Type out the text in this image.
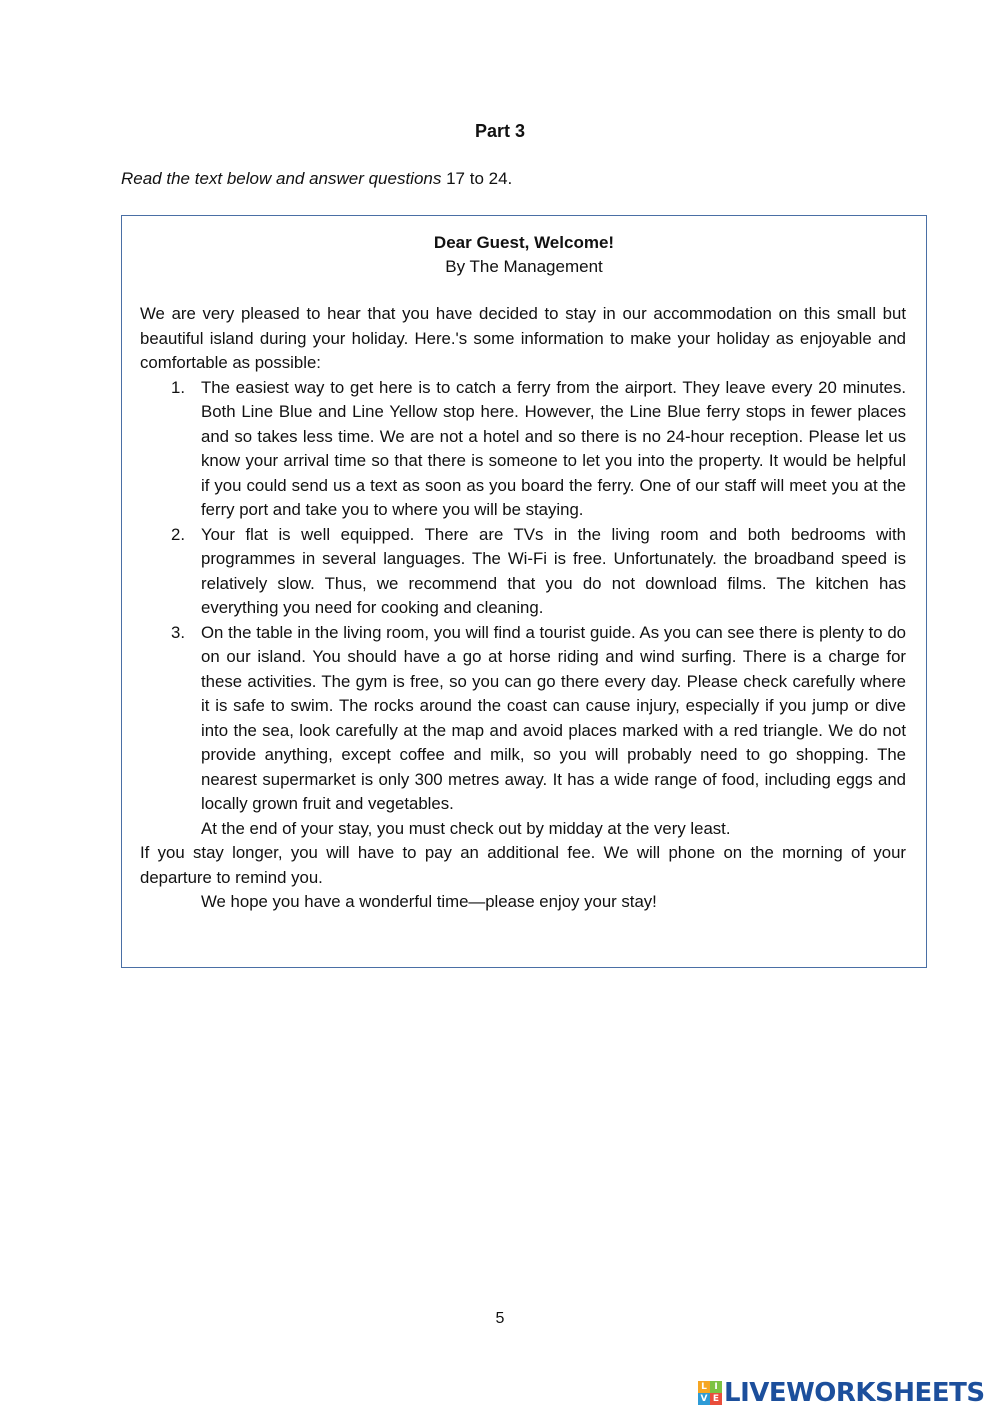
Part 3
Read the text below and answer questions 17 to 24.
Dear Guest, Welcome!
By The Management

We are very pleased to hear that you have decided to stay in our accommodation on this small but beautiful island during your holiday. Here.'s some information to make your holiday as enjoyable and comfortable as possible:

1. The easiest way to get here is to catch a ferry from the airport. They leave every 20 minutes. Both Line Blue and Line Yellow stop here. However, the Line Blue ferry stops in fewer places and so takes less time. We are not a hotel and so there is no 24-hour reception. Please let us know your arrival time so that there is someone to let you into the property. It would be helpful if you could send us a text as soon as you board the ferry. One of our staff will meet you at the ferry port and take you to where you will be staying.
2. Your flat is well equipped. There are TVs in the living room and both bedrooms with programmes in several languages. The Wi-Fi is free. Unfortunately. the broadband speed is relatively slow. Thus, we recommend that you do not download films. The kitchen has everything you need for cooking and cleaning.
3. On the table in the living room, you will find a tourist guide. As you can see there is plenty to do on our island. You should have a go at horse riding and wind surfing. There is a charge for these activities. The gym is free, so you can go there every day. Please check carefully where it is safe to swim. The rocks around the coast can cause injury, especially if you jump or dive into the sea, look carefully at the map and avoid places marked with a red triangle. We do not provide anything, except coffee and milk, so you will probably need to go shopping. The nearest supermarket is only 300 metres away. It has a wide range of food, including eggs and locally grown fruit and vegetables.

At the end of your stay, you must check out by midday at the very least.

If you stay longer, you will have to pay an additional fee. We will phone on the morning of your departure to remind you.

We hope you have a wonderful time—please enjoy your stay!

5
L I
V E LIVEWORKSHEETS
